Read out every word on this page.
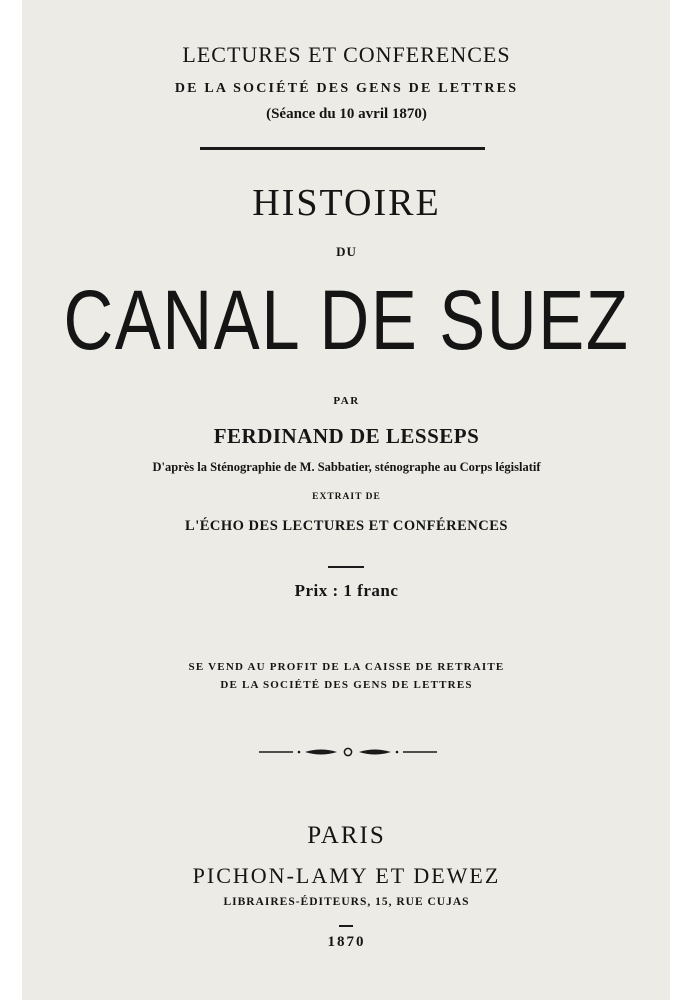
LECTURES ET CONFERENCES
DE LA SOCIÉTÉ DES GENS DE LETTRES
(Séance du 10 avril 1870)
HISTOIRE
DU
CANAL DE SUEZ
PAR
FERDINAND DE LESSEPS
D'après la Sténographie de M. Sabbatier, sténographe au Corps législatif
EXTRAIT DE
L'ÉCHO DES LECTURES ET CONFÉRENCES
Prix : 1 franc
SE VEND AU PROFIT DE LA CAISSE DE RETRAITE
DE LA SOCIÉTÉ DES GENS DE LETTRES
PARIS
PICHON-LAMY ET DEWEZ
LIBRAIRES-ÉDITEURS, 15, RUE CUJAS
1870
